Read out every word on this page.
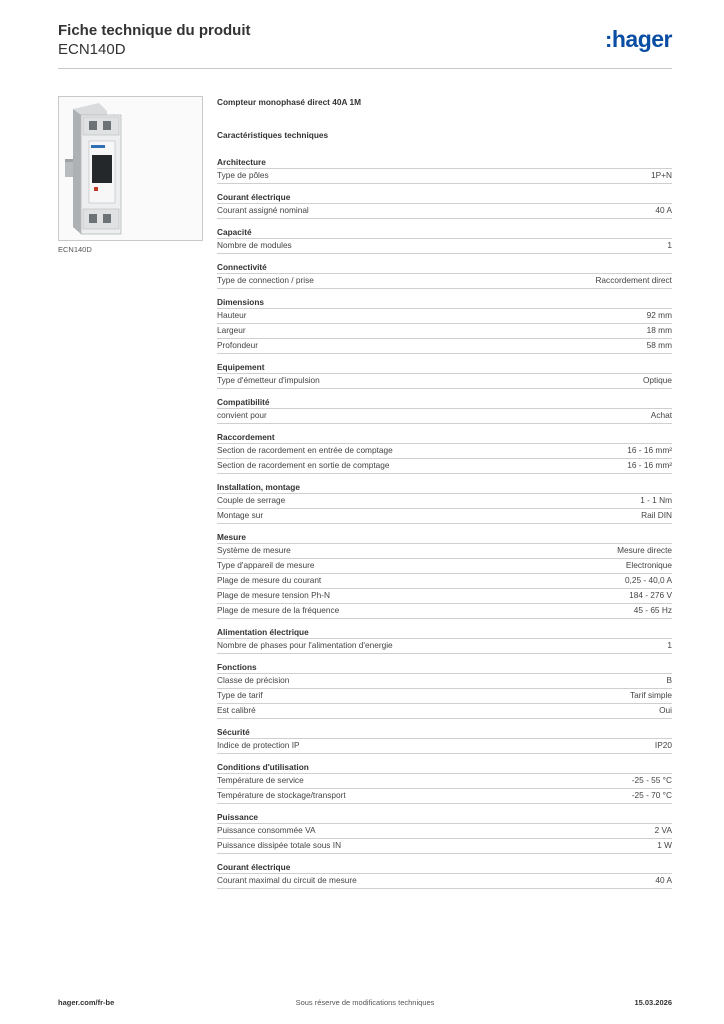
Fiche technique du produit
ECN140D	:hager
ECN140D
Compteur monophasé direct 40A 1M
Caractéristiques techniques
Architecture
Type de pôles	1P+N
Courant électrique
Courant assigné nominal	40 A
Capacité
Nombre de modules	1
Connectivité
Type de connection / prise	Raccordement direct
Dimensions
Hauteur	92 mm
Largeur	18 mm
Profondeur	58 mm
Equipement
Type d'émetteur d'impulsion	Optique
Compatibilité
convient pour	Achat
Raccordement
Section de racordement en entrée de comptage	16 - 16 mm²
Section de racordement en sortie de comptage	16 - 16 mm²
Installation, montage
Couple de serrage	1 - 1 Nm
Montage sur	Rail DIN
Mesure
Système de mesure	Mesure directe
Type d'appareil de mesure	Electronique
Plage de mesure du courant	0,25 - 40,0 A
Plage de mesure tension Ph-N	184 - 276 V
Plage de mesure de la fréquence	45 - 65 Hz
Alimentation électrique
Nombre de phases pour l'alimentation d'energie	1
Fonctions
Classe de précision	B
Type de tarif	Tarif simple
Est calibré	Oui
Sécurité
Indice de protection IP	IP20
Conditions d'utilisation
Température de service	-25 - 55 °C
Température de stockage/transport	-25 - 70 °C
Puissance
Puissance consommée VA	2 VA
Puissance dissipée totale sous IN	1 W
Courant électrique
Courant maximal du circuit de mesure	40 A
hager.com/fr-be	Sous réserve de modifications techniques	15.03.2026
